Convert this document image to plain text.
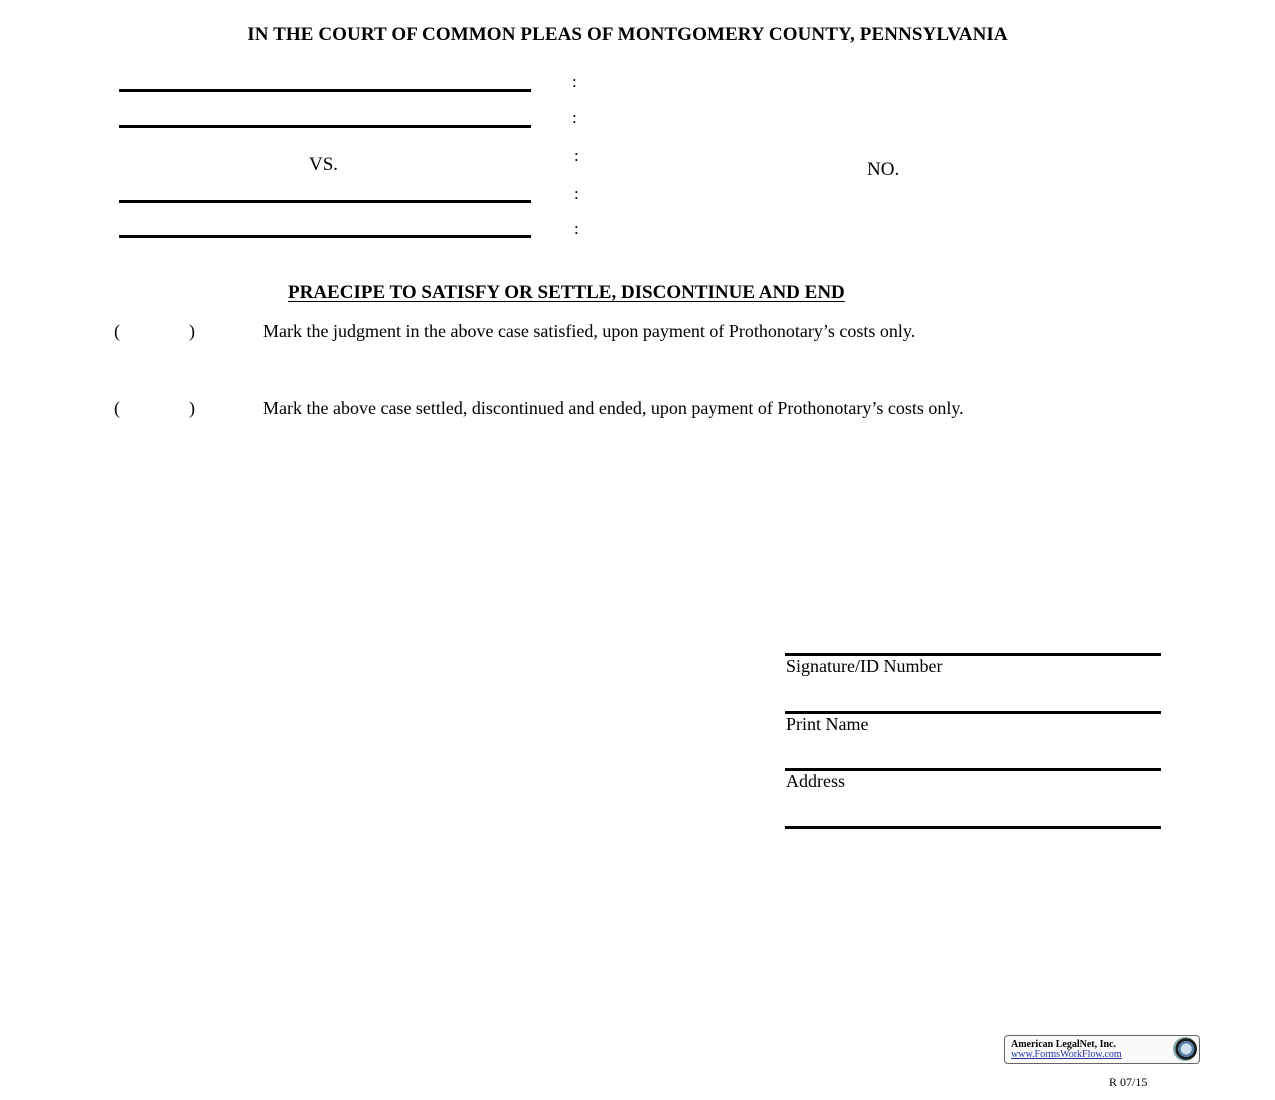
IN THE COURT OF COMMON PLEAS OF MONTGOMERY COUNTY, PENNSYLVANIA
:
:
:
:
:
VS.	NO.
PRAECIPE TO SATISFY OR SETTLE, DISCONTINUE AND END
(	)	Mark the judgment in the above case satisfied, upon payment of Prothonotary’s costs only.
(	)	Mark the above case settled, discontinued and ended, upon payment of Prothonotary’s costs only.
Signature/ID Number
Print Name
Address
American LegalNet, Inc.
www.FormsWorkFlow.com
R 07/15
